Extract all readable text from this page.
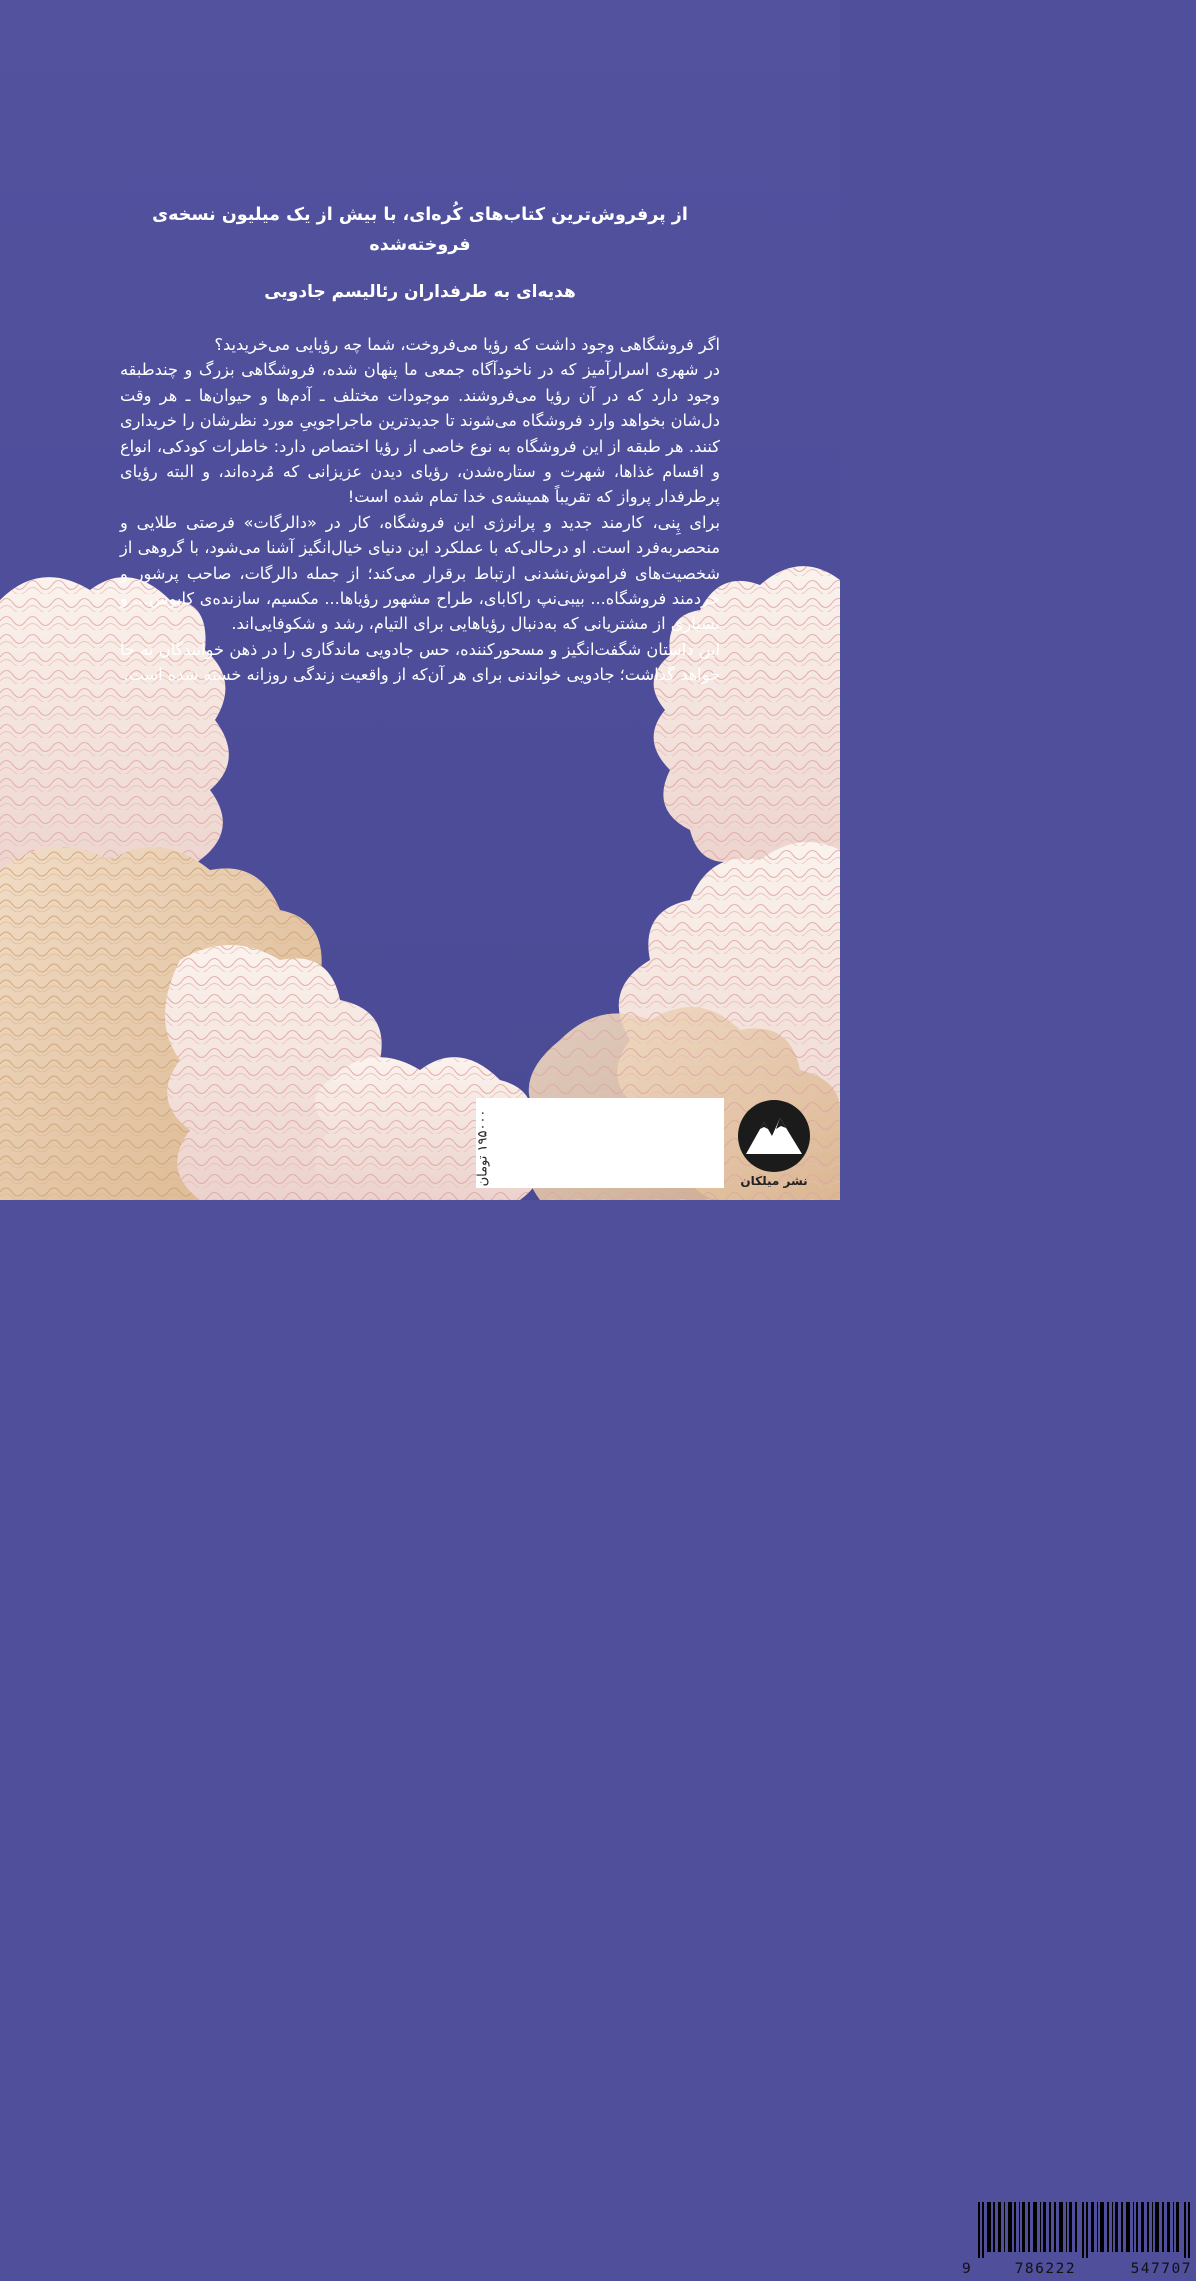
از پرفروش‌ترین کتاب‌های کُره‌ای، با بیش از یک میلیون نسخه‌ی فروخته‌شده

هدیه‌ای به طرفداران رئالیسم جادویی

اگر فروشگاهی وجود داشت که رؤیا می‌فروخت، شما چه رؤیایی می‌خریدید؟

در شهری اسرارآمیز که در ناخودآگاه جمعی ما پنهان شده، فروشگاهی بزرگ و چندطبقه وجود دارد که در آن رؤیا می‌فروشند. موجودات مختلف ـ آدم‌ها و حیوان‌ها ـ هر وقت دل‌شان بخواهد وارد فروشگاه می‌شوند تا جدیدترین ماجراجوییِ مورد نظرشان را خریداری کنند. هر طبقه از این فروشگاه به نوع خاصی از رؤیا اختصاص دارد: خاطرات کودکی، انواع و اقسام غذاها، شهرت و ستاره‌شدن، رؤیای دیدن عزیزانی که مُرده‌اند، و البته رؤیای پرطرفدار پرواز که تقریباً همیشه‌ی خدا تمام شده است!

برای پِنی، کارمند جدید و پرانرژی این فروشگاه، کار در «دالرگات» فرصتی طلایی و منحصربه‌فرد است. او درحالی‌که با عملکرد این دنیای خیال‌انگیز آشنا می‌شود، با گروهی از شخصیت‌های فراموش‌نشدنی ارتباط برقرار می‌کند؛ از جمله دالرگات، صاحب پرشور و خردمند فروشگاه... بیبی‌نپ راکابای، طراح مشهور رؤیاها... مکسیم، سازنده‌ی کابوس... و بسیاری از مشتریانی که به‌دنبال رؤیاهایی برای التیام، رشد و شکوفایی‌اند.

این داستان شگفت‌انگیز و مسحورکننده، حس جادویی ماندگاری را در ذهن خوانندگان به جا خواهد گذاشت؛ جادویی خواندنی برای هر آن‌که از واقعیت زندگی روزانه خسته شده است.

9	786222	547707
۱۹۵۰۰۰ تومان
نشر میلکان
